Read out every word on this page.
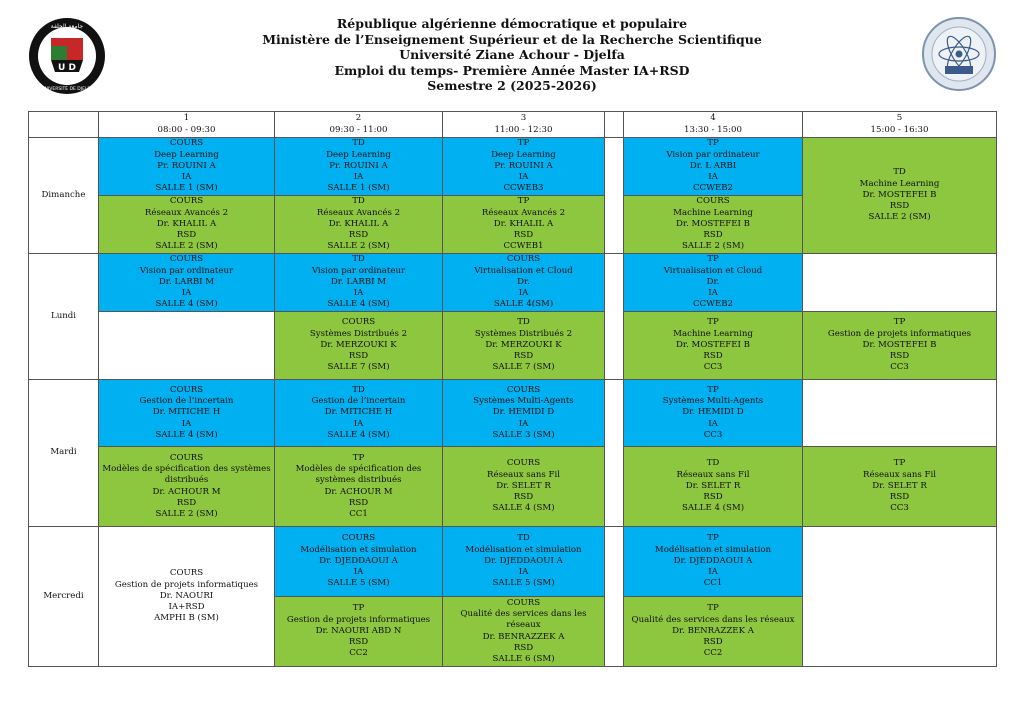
U D
جامعة الجلفة
UNIVERSITÉ DE DJELFA
République algérienne démocratique et populaire
Ministère de l’Enseignement Supérieur et de la Recherche Scientifique
Université Ziane Achour - Djelfa
Emploi du temps- Première Année Master IA+RSD
Semestre 2 (2025-2026)

	1
08:00 - 09:30	2
09:30 - 11:00	3
11:00 - 12:30		4
13:30 - 15:00	5
15:00 - 16:30

Dimanche	COURS
Deep Learning
Pr. ROUINI A
IA
SALLE 1 (SM)	TD
Deep Learning
Pr. ROUINI A
IA
SALLE 1 (SM)	TP
Deep Learning
Pr. ROUINI A
IA
CCWEB3		TP
Vision par ordinateur
Dr. L ARBI
IA
CCWEB2	TD
Machine Learning
Dr. MOSTEFEI B
RSD
SALLE 2 (SM)

	COURS
Réseaux Avancés 2
Dr. KHALIL A
RSD
SALLE 2 (SM)	TD
Réseaux Avancés 2
Dr. KHALIL A
RSD
SALLE 2 (SM)	TP
Réseaux Avancés 2
Dr. KHALIL A
RSD
CCWEB1		COURS
Machine Learning
Dr. MOSTEFEI B
RSD
SALLE 2 (SM)	

Lundi	COURS
Vision par ordinateur
Dr. LARBI M
IA
SALLE 4 (SM)	TD
Vision par ordinateur
Dr. LARBI M
IA
SALLE 4 (SM)	COURS
Virtualisation et Cloud
Dr.
IA
SALLE 4(SM)		TP
Virtualisation et Cloud
Dr.
IA
CCWEB2	

		COURS
Systèmes Distribués 2
Dr. MERZOUKI K
RSD
SALLE 7 (SM)	TD
Systèmes Distribués 2
Dr. MERZOUKI K
RSD
SALLE 7 (SM)		TP
Machine Learning
Dr. MOSTEFEI B
RSD
CC3	TP
Gestion de projets informatiques
Dr. MOSTEFEI B
RSD
CC3

Mardi	COURS
Gestion de l’incertain
Dr. MITICHE H
IA
SALLE 4 (SM)	TD
Gestion de l’incertain
Dr. MITICHE H
IA
SALLE 4 (SM)	COURS
Systèmes Multi-Agents
Dr. HEMIDI D
IA
SALLE 3 (SM)		TP
Systèmes Multi-Agents
Dr. HEMIDI D
IA
CC3	

	COURS
Modèles de spécification des systèmes distribués
Dr. ACHOUR M
RSD
SALLE 2 (SM)	TP
Modèles de spécification des systèmes distribués
Dr. ACHOUR M
RSD
CC1	COURS
Réseaux sans Fil
Dr. SELET R
RSD
SALLE 4 (SM)		TD
Réseaux sans Fil
Dr. SELET R
RSD
SALLE 4 (SM)	TP
Réseaux sans Fil
Dr. SELET R
RSD
CC3

Mercredi	COURS
Gestion de projets informatiques
Dr. NAOURI
IA+RSD
AMPHI B (SM)	COURS
Modélisation et simulation
Dr. DJEDDAOUI A
IA
SALLE 5 (SM)	TD
Modélisation et simulation
Dr. DJEDDAOUI A
IA
SALLE 5 (SM)		TP
Modélisation et simulation
Dr. DJEDDAOUI A
IA
CC1	

		TP
Gestion de projets informatiques
Dr. NAOURI ABD N
RSD
CC2	COURS
Qualité des services dans les réseaux
Dr. BENRAZZEK A
RSD
SALLE 6 (SM)		TP
Qualité des services dans les réseaux
Dr. BENRAZZEK A
RSD
CC2	
